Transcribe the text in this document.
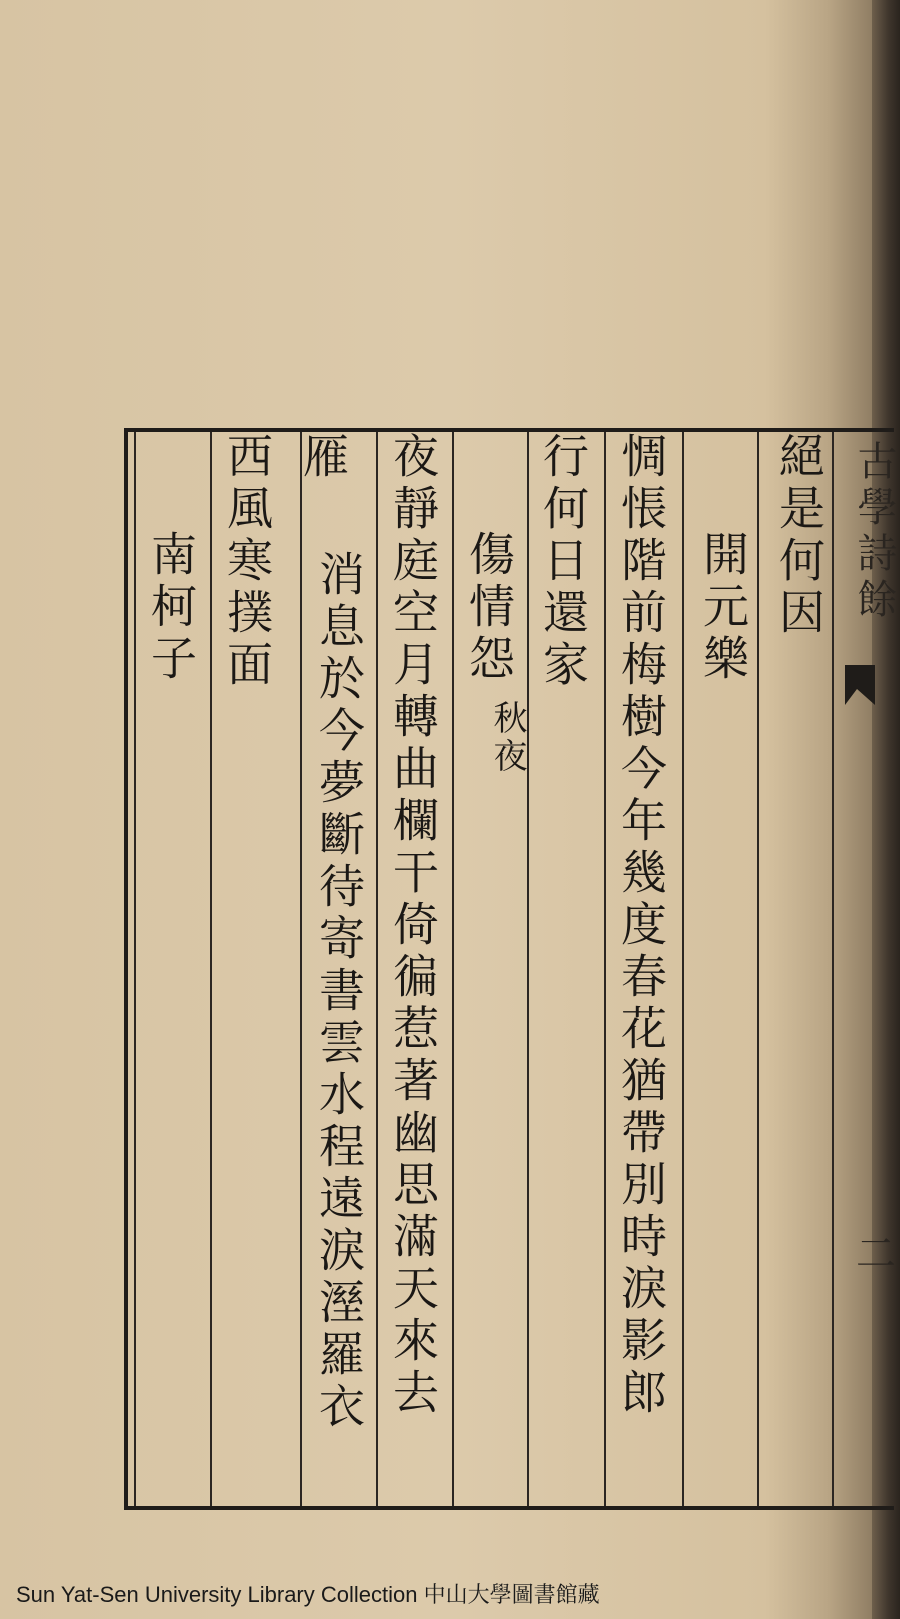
古學詩餘
二
絕是何因
開元樂
惆悵階前梅樹今年幾度春花猶帶別時淚影郎
行何日還家
傷情怨
秋夜
夜靜庭空月轉曲欄干倚徧惹著幽思滿天來去
雁
消息於今夢斷待寄書雲水程遠淚溼羅衣
西風寒撲面
南柯子
Sun Yat-Sen University Library Collection 中山大學圖書館藏
